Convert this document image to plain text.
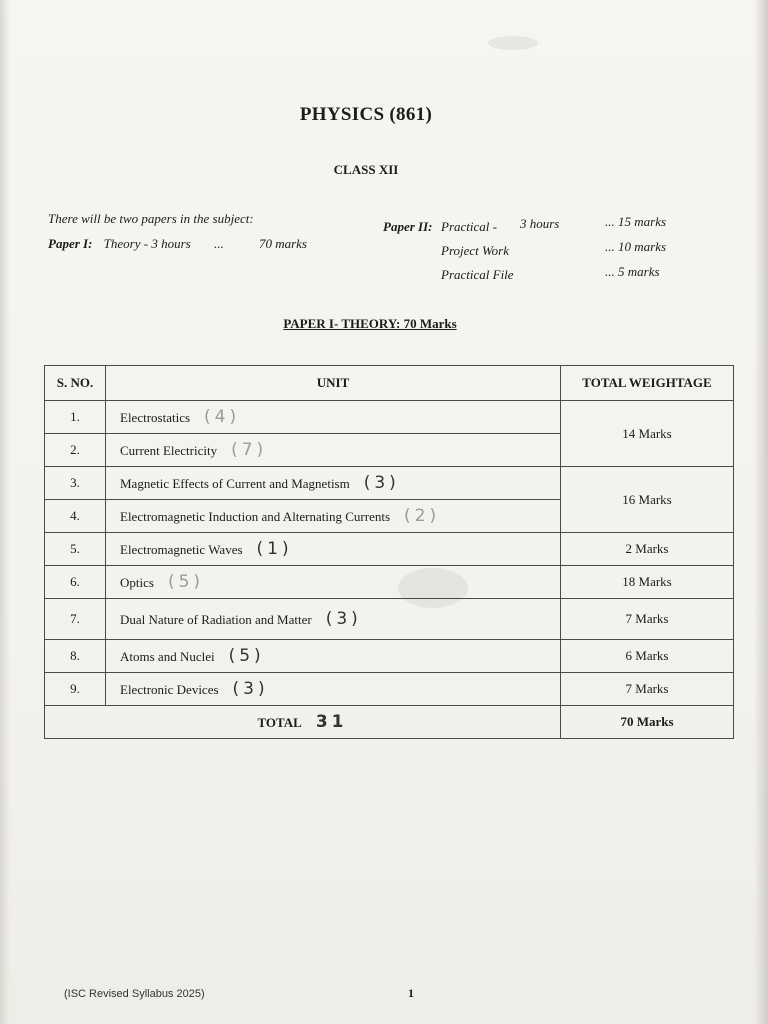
PHYSICS (861)
CLASS XII
There will be two papers in the subject:
Paper I: Theory - 3 hours ...	70 marks
Paper II: Practical - 3 hours	... 15 marks
Project Work	... 10 marks
Practical File	... 5 marks
PAPER I- THEORY: 70 Marks
S. NO.	UNIT	TOTAL WEIGHTAGE
1.	Electrostatics (4)	14 Marks
2.	Current Electricity (7)	
3.	Magnetic Effects of Current and Magnetism (3)	16 Marks
4.	Electromagnetic Induction and Alternating Currents (2)	
5.	Electromagnetic Waves (1)	2 Marks
6.	Optics (5)	18 Marks
7.	Dual Nature of Radiation and Matter (3)	7 Marks
8.	Atoms and Nuclei (5)	6 Marks
9.	Electronic Devices (3)	7 Marks
TOTAL 31		70 Marks
(ISC Revised Syllabus 2025)	1
